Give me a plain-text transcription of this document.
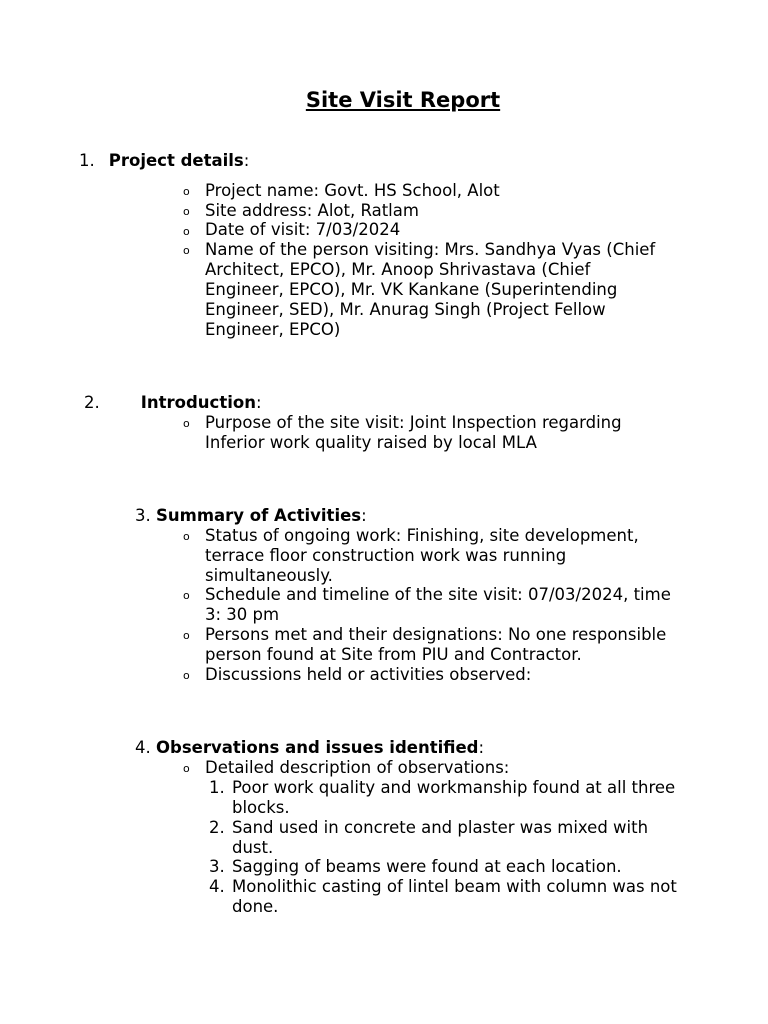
Site Visit Report
1. Project details:
o Project name: Govt. HS School, Alot
o Site address: Alot, Ratlam
o Date of visit: 7/03/2024
o Name of the person visiting: Mrs. Sandhya Vyas (Chief
Architect, EPCO), Mr. Anoop Shrivastava (Chief
Engineer, EPCO), Mr. VK Kankane (Superintending
Engineer, SED), Mr. Anurag Singh (Project Fellow
Engineer, EPCO)
2. Introduction:
o Purpose of the site visit: Joint Inspection regarding
Inferior work quality raised by local MLA
3. Summary of Activities:
o Status of ongoing work: Finishing, site development,
terrace floor construction work was running
simultaneously.
o Schedule and timeline of the site visit: 07/03/2024, time
3: 30 pm
o Persons met and their designations: No one responsible
person found at Site from PIU and Contractor.
o Discussions held or activities observed:
4. Observations and issues identified:
o Detailed description of observations:
1. Poor work quality and workmanship found at all three
blocks.
2. Sand used in concrete and plaster was mixed with
dust.
3. Sagging of beams were found at each location.
4. Monolithic casting of lintel beam with column was not
done.
